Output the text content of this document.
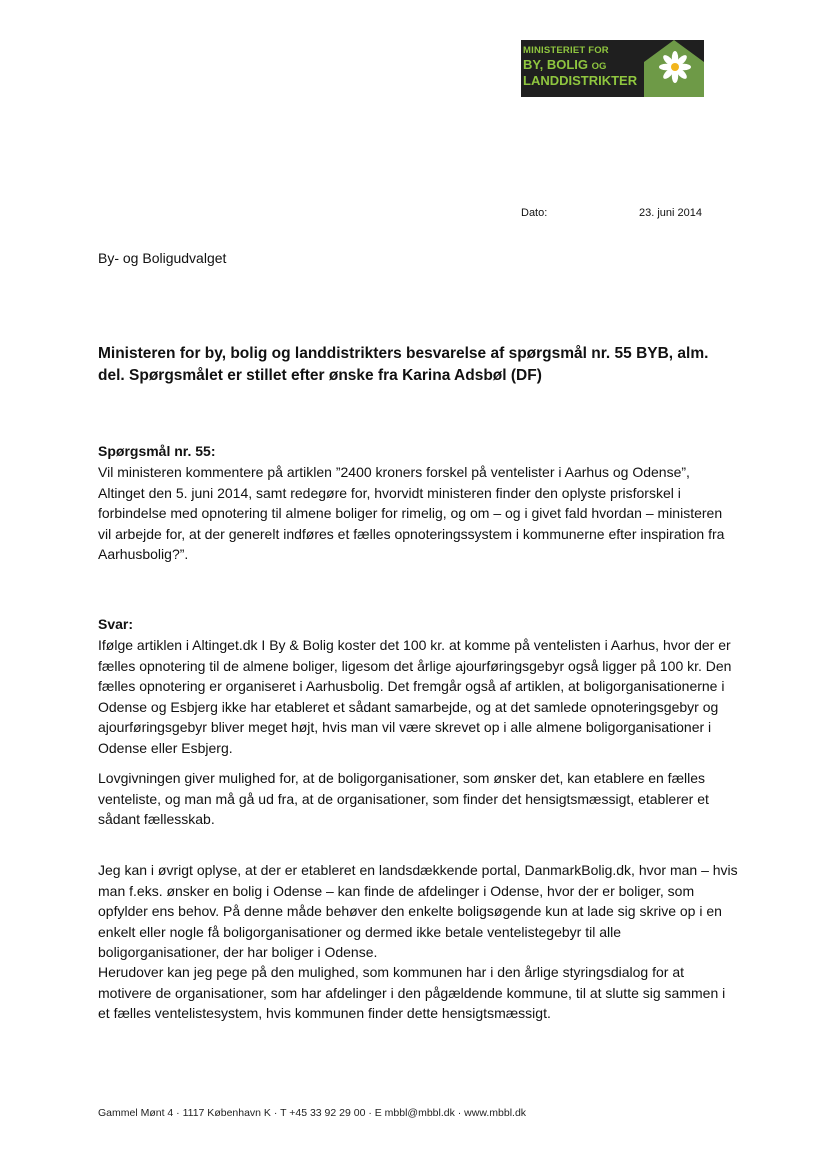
MINISTERIET FOR
BY, BOLIG OG
LANDDISTRIKTER
Dato:	23. juni 2014
By- og Boligudvalget
Ministeren for by, bolig og landdistrikters besvarelse af spørgsmål nr. 55 BYB, alm. del. Spørgsmålet er stillet efter ønske fra Karina Adsbøl (DF)
Spørgsmål nr. 55:
Vil ministeren kommentere på artiklen ”2400 kroners forskel på ventelister i Aarhus og Odense”, Altinget den 5. juni 2014, samt redegøre for, hvorvidt ministeren finder den oplyste prisforskel i forbindelse med opnotering til almene boliger for rimelig, og om – og i givet fald hvordan – ministeren vil arbejde for, at der generelt indføres et fælles opnoteringssystem i kommunerne efter inspiration fra Aarhusbolig?”.
Svar:
Ifølge artiklen i Altinget.dk I By & Bolig koster det 100 kr. at komme på ventelisten i Aarhus, hvor der er fælles opnotering til de almene boliger, ligesom det årlige ajourføringsgebyr også ligger på 100 kr. Den fælles opnotering er organiseret i Aarhusbolig. Det fremgår også af artiklen, at boligorganisationerne i Odense og Esbjerg ikke har etableret et sådant samarbejde, og at det samlede opnoteringsgebyr og ajourføringsgebyr bliver meget højt, hvis man vil være skrevet op i alle almene boligorganisationer i Odense eller Esbjerg.
Lovgivningen giver mulighed for, at de boligorganisationer, som ønsker det, kan etablere en fælles venteliste, og man må gå ud fra, at de organisationer, som finder det hensigtsmæssigt, etablerer et sådant fællesskab.
Jeg kan i øvrigt oplyse, at der er etableret en landsdækkende portal, DanmarkBolig.dk, hvor man – hvis man f.eks. ønsker en bolig i Odense – kan finde de afdelinger i Odense, hvor der er boliger, som opfylder ens behov. På denne måde behøver den enkelte boligsøgende kun at lade sig skrive op i en enkelt eller nogle få boligorganisationer og dermed ikke betale ventelistegebyr til alle boligorganisationer, der har boliger i Odense.
Herudover kan jeg pege på den mulighed, som kommunen har i den årlige styringsdialog for at motivere de organisationer, som har afdelinger i den pågældende kommune, til at slutte sig sammen i et fælles ventelistesystem, hvis kommunen finder dette hensigtsmæssigt.
Gammel Mønt 4 · 1117 København K · T +45 33 92 29 00 · E mbbl@mbbl.dk · www.mbbl.dk
